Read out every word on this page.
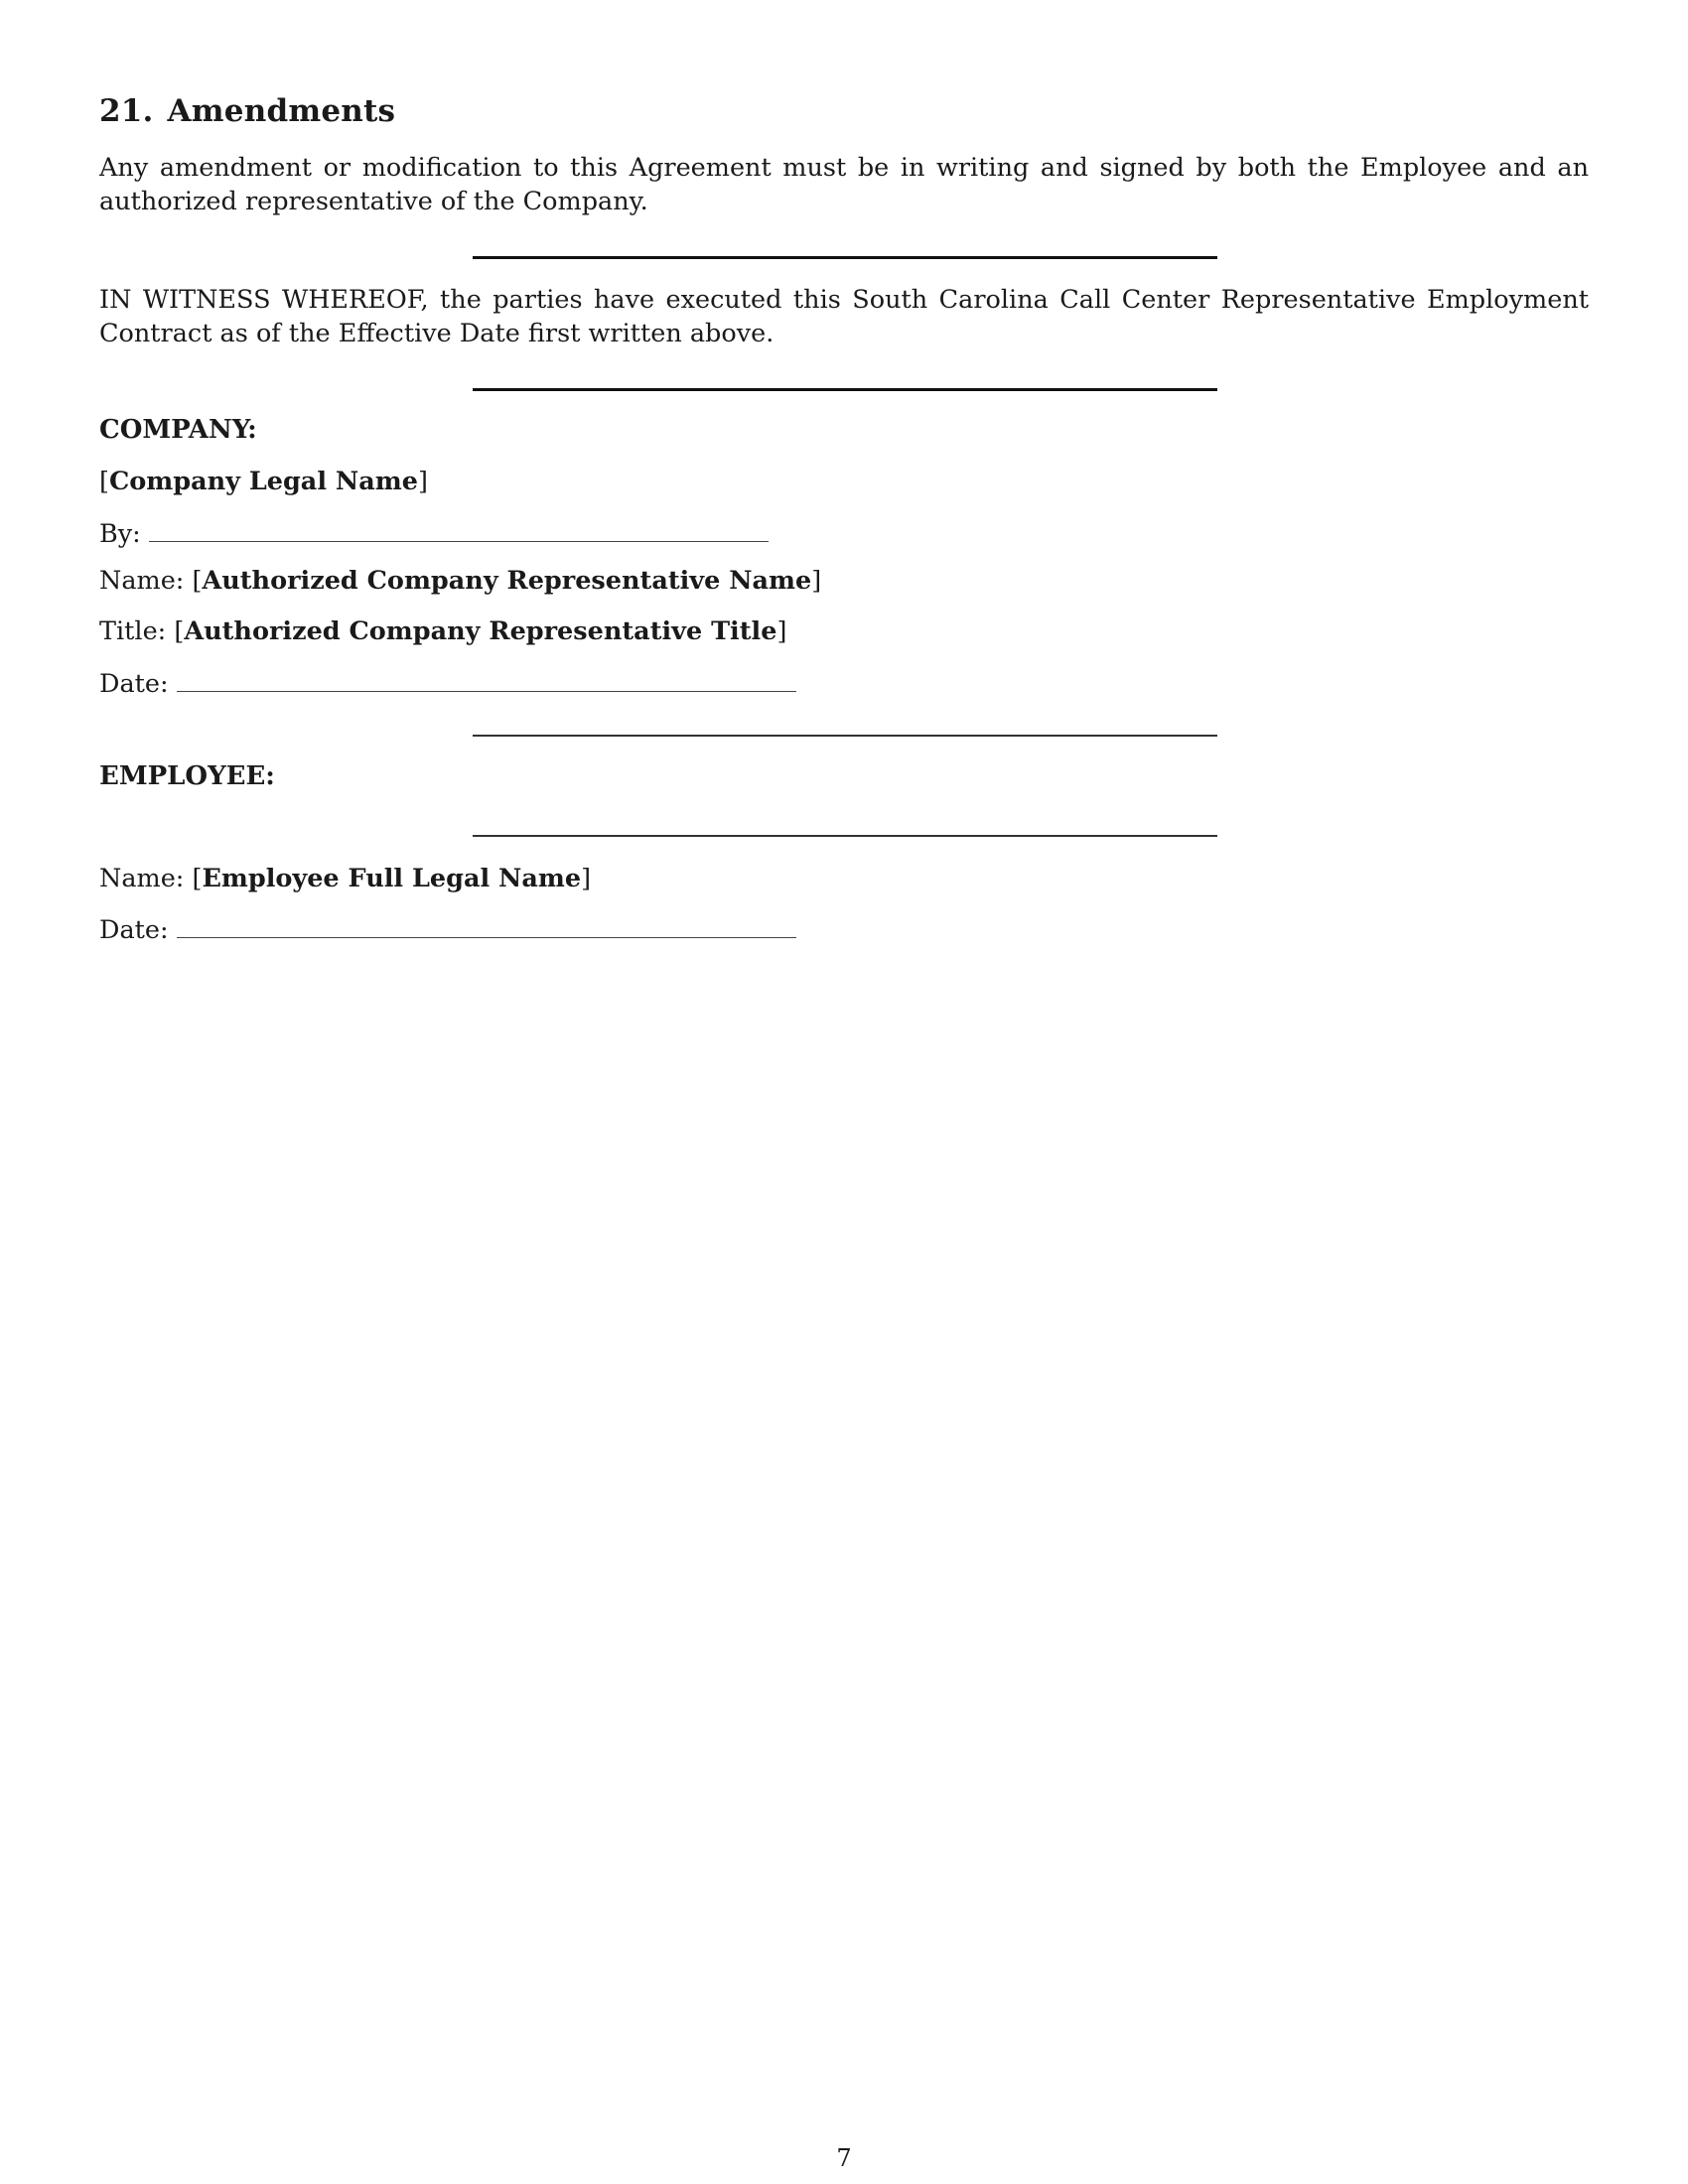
21. Amendments
Any amendment or modification to this Agreement must be in writing and signed by both the Employee and an authorized representative of the Company.
IN WITNESS WHEREOF, the parties have executed this South Carolina Call Center Representative Employment Contract as of the Effective Date first written above.
COMPANY:
[Company Legal Name]
By:
Name: [Authorized Company Representative Name]
Title: [Authorized Company Representative Title]
Date:
EMPLOYEE:
Name: [Employee Full Legal Name]
Date:
7
